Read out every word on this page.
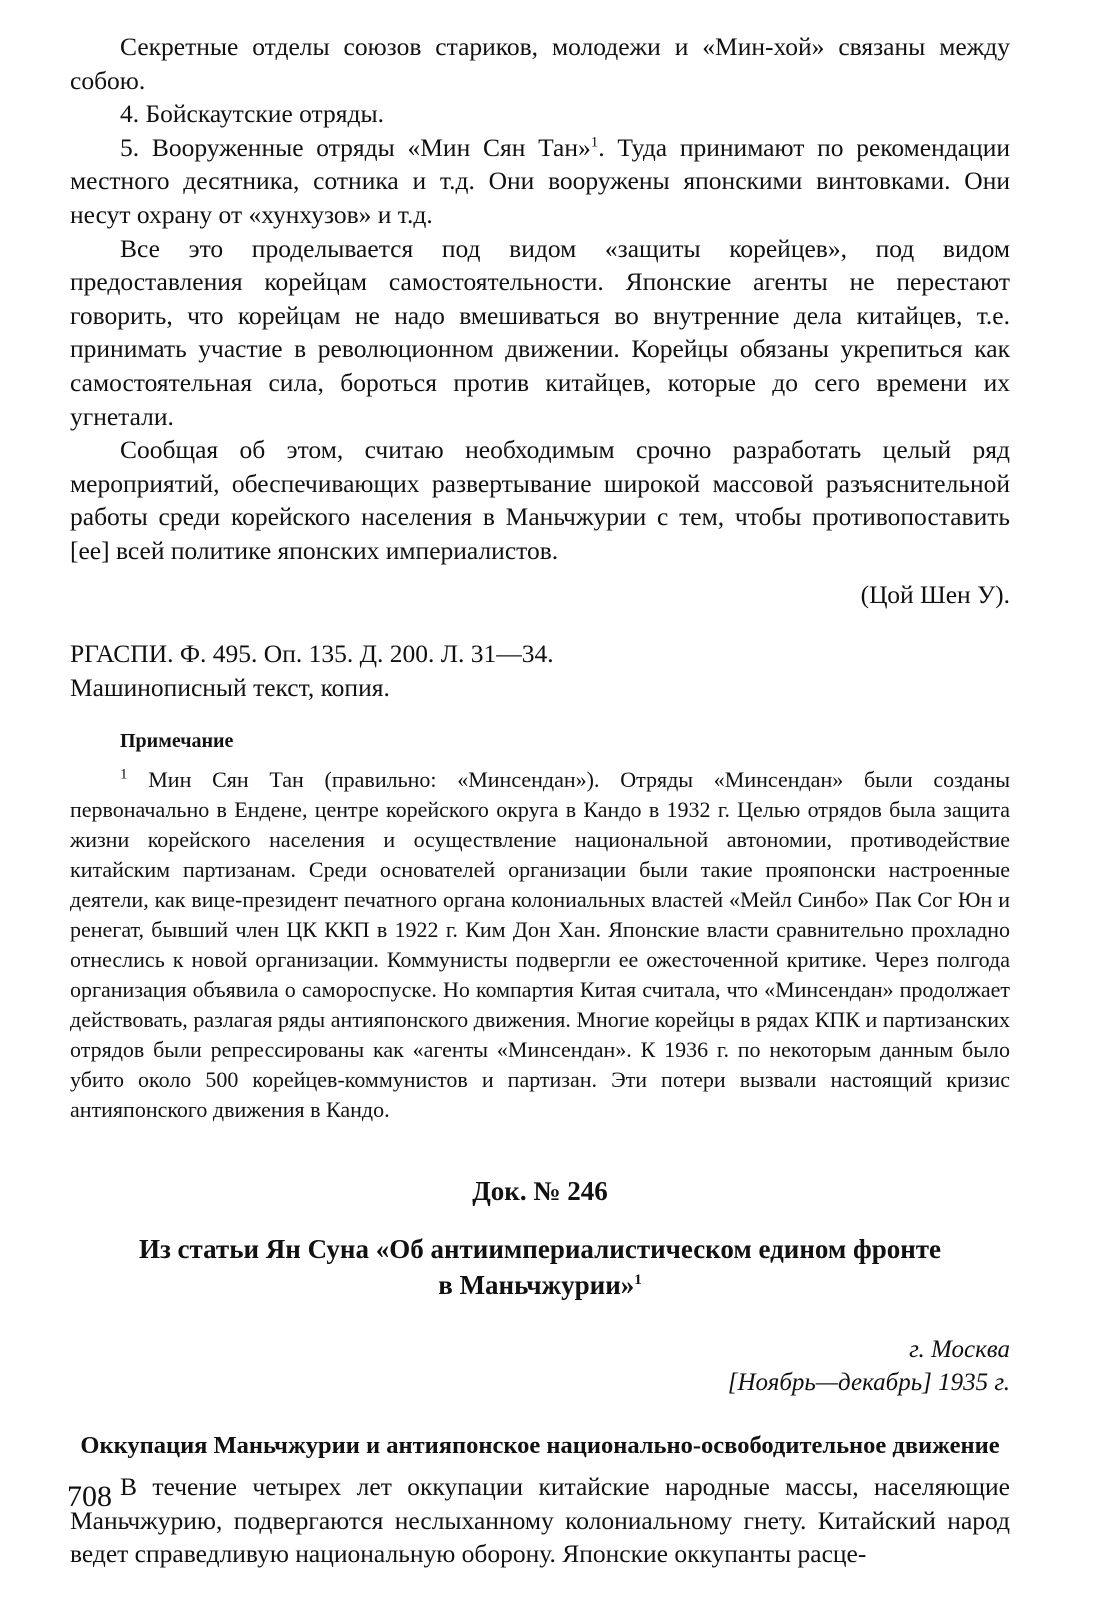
Секретные отделы союзов стариков, молодежи и «Мин-хой» связаны между собою.

4. Бойскаутские отряды.

5. Вооруженные отряды «Мин Сян Тан»$^1$. Туда принимают по рекомендации местного десятника, сотника и т.д. Они вооружены японскими винтовками. Они несут охрану от «хунхузов» и т.д.

Все это проделывается под видом «защиты корейцев», под видом предоставления корейцам самостоятельности. Японские агенты не перестают говорить, что корейцам не надо вмешиваться во внутренние дела китайцев, т.е. принимать участие в революционном движении. Корейцы обязаны укрепиться как самостоятельная сила, бороться против китайцев, которые до сего времени их угнетали.

Сообщая об этом, считаю необходимым срочно разработать целый ряд мероприятий, обеспечивающих развертывание широкой массовой разъяснительной работы среди корейского населения в Маньчжурии с тем, чтобы противопоставить [ее] всей политике японских империалистов.

(Цой Шен У).

РГАСПИ. Ф. 495. Оп. 135. Д. 200. Л. 31—34.
Машинописный текст, копия.
Примечание

$^1$ Мин Сян Тан (правильно: «Минсендан»). Отряды «Минсендан» были созданы первоначально в Ендене, центре корейского округа в Кандо в 1932 г. Целью отрядов была защита жизни корейского населения и осуществление национальной автономии, противодействие китайским партизанам. Среди основателей организации были такие прояпонски настроенные деятели, как вице-президент печатного органа колониальных властей «Мейл Синбо» Пак Сог Юн и ренегат, бывший член ЦК ККП в 1922 г. Ким Дон Хан. Японские власти сравнительно прохладно отнеслись к новой организации. Коммунисты подвергли ее ожесточенной критике. Через полгода организация объявила о самороспуске. Но компартия Китая считала, что «Минсендан» продолжает действовать, разлагая ряды антияпонского движения. Многие корейцы в рядах КПК и партизанских отрядов были репрессированы как «агенты «Минсендан». К 1936 г. по некоторым данным было убито около 500 корейцев-коммунистов и партизан. Эти потери вызвали настоящий кризис антияпонского движения в Кандо.

Док. № 246
Из статьи Ян Суна «Об антиимпериалистическом едином фронте
в Маньчжурии»$^1$
г. Москва
[Ноябрь—декабрь] 1935 г.
Оккупация Маньчжурии и антияпонское национально-освободительное движение

В течение четырех лет оккупации китайские народные массы, населяющие Маньчжурию, подвергаются неслыханному колониальному гнету. Китайский народ ведет справедливую национальную оборону. Японские оккупанты расце-

708
